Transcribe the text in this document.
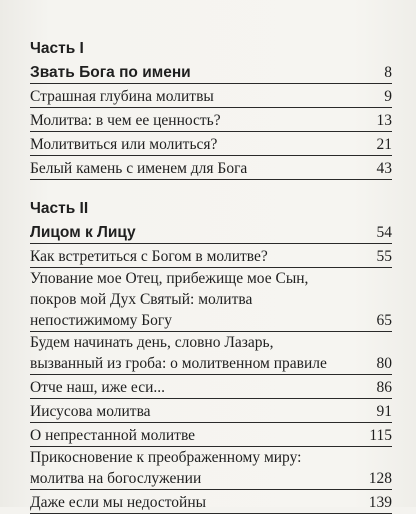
Часть I
Звать Бога по имени	8
Страшная глубина молитвы	9
Молитва: в чем ее ценность?	13
Молитвиться или молиться?	21
Белый камень с именем для Бога	43
Часть II
Лицом к Лицу	54
Как встретиться с Богом в молитве?	55
Упование мое Отец, прибежище мое Сын,
покров мой Дух Святый: молитва
непостижимому Богу	65
Будем начинать день, словно Лазарь,
вызванный из гроба: о молитвенном правиле	80
Отче наш, иже еси...	86
Иисусова молитва	91
О непрестанной молитве	115
Прикосновение к преображенному миру:
молитва на богослужении	128
Даже если мы недостойны	139
